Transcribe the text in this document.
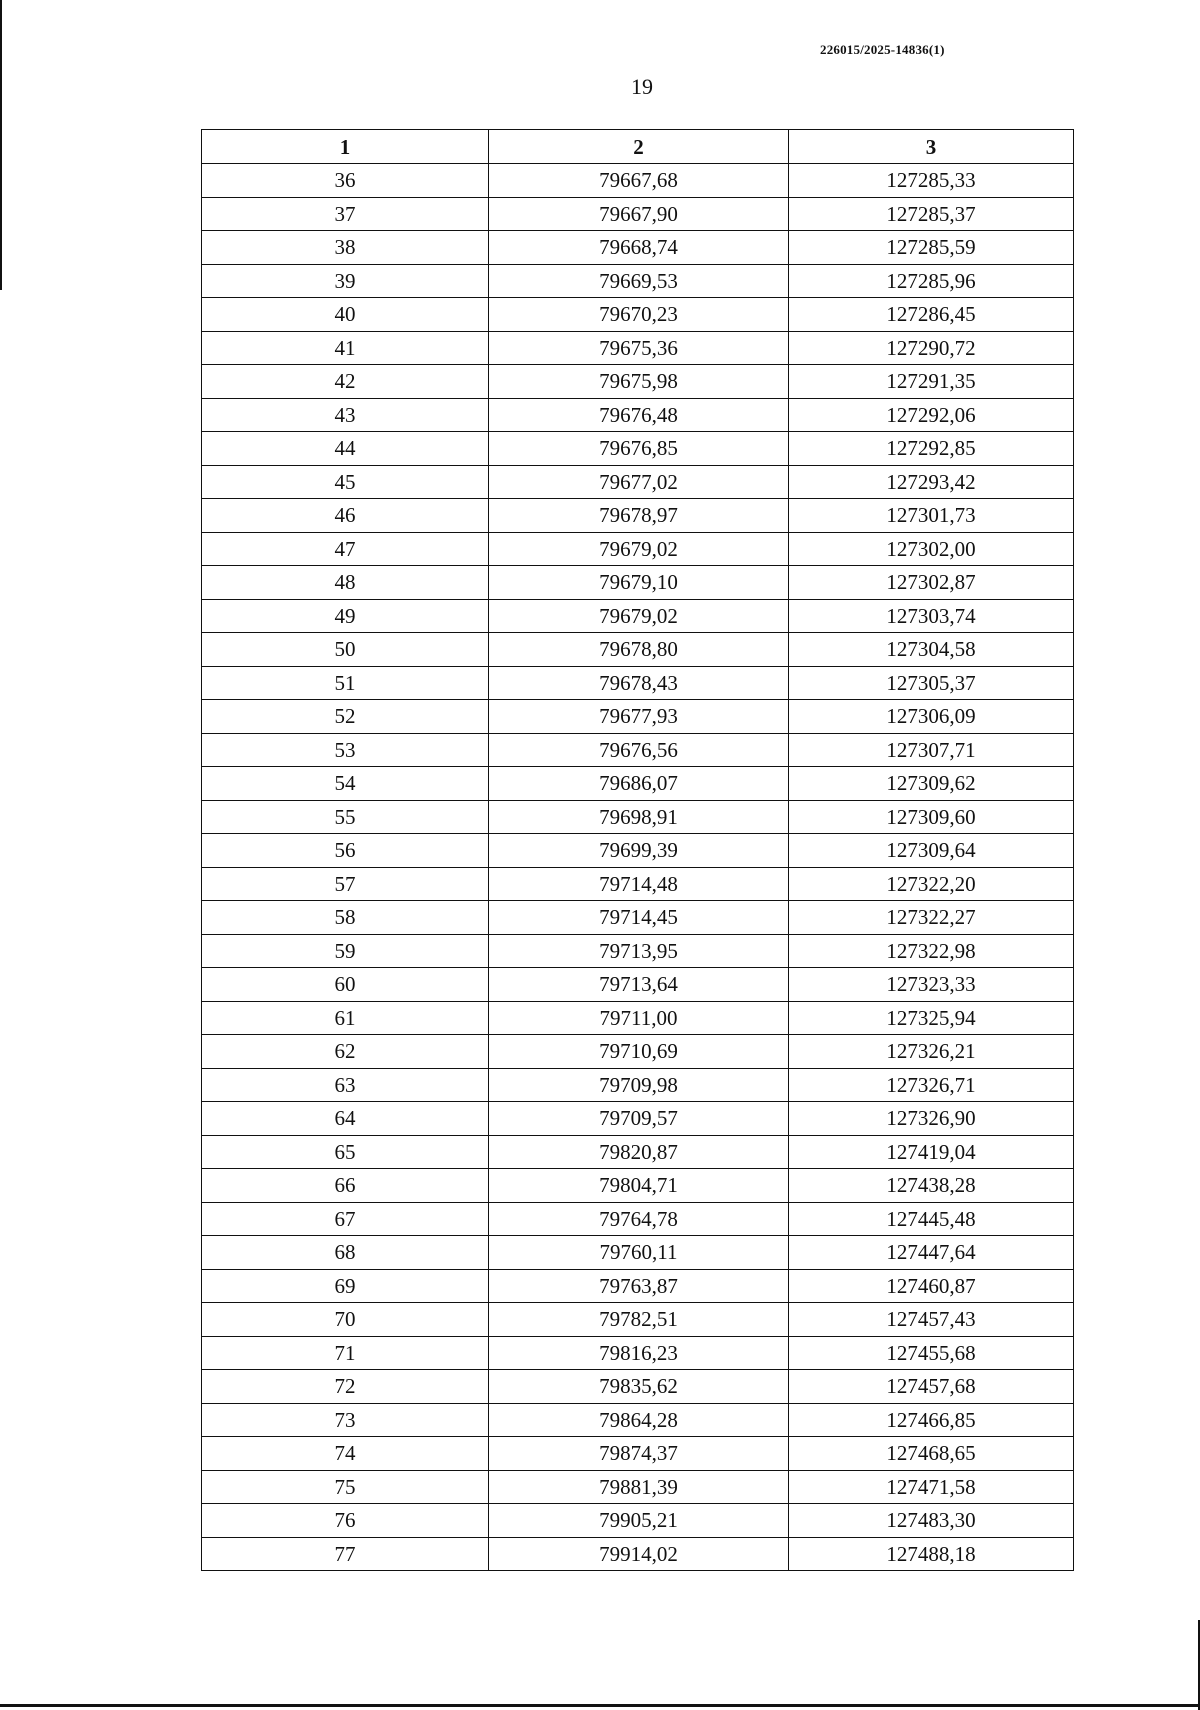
226015/2025-14836(1)
19
1	2	3
36	79667,68	127285,33
37	79667,90	127285,37
38	79668,74	127285,59
39	79669,53	127285,96
40	79670,23	127286,45
41	79675,36	127290,72
42	79675,98	127291,35
43	79676,48	127292,06
44	79676,85	127292,85
45	79677,02	127293,42
46	79678,97	127301,73
47	79679,02	127302,00
48	79679,10	127302,87
49	79679,02	127303,74
50	79678,80	127304,58
51	79678,43	127305,37
52	79677,93	127306,09
53	79676,56	127307,71
54	79686,07	127309,62
55	79698,91	127309,60
56	79699,39	127309,64
57	79714,48	127322,20
58	79714,45	127322,27
59	79713,95	127322,98
60	79713,64	127323,33
61	79711,00	127325,94
62	79710,69	127326,21
63	79709,98	127326,71
64	79709,57	127326,90
65	79820,87	127419,04
66	79804,71	127438,28
67	79764,78	127445,48
68	79760,11	127447,64
69	79763,87	127460,87
70	79782,51	127457,43
71	79816,23	127455,68
72	79835,62	127457,68
73	79864,28	127466,85
74	79874,37	127468,65
75	79881,39	127471,58
76	79905,21	127483,30
77	79914,02	127488,18
